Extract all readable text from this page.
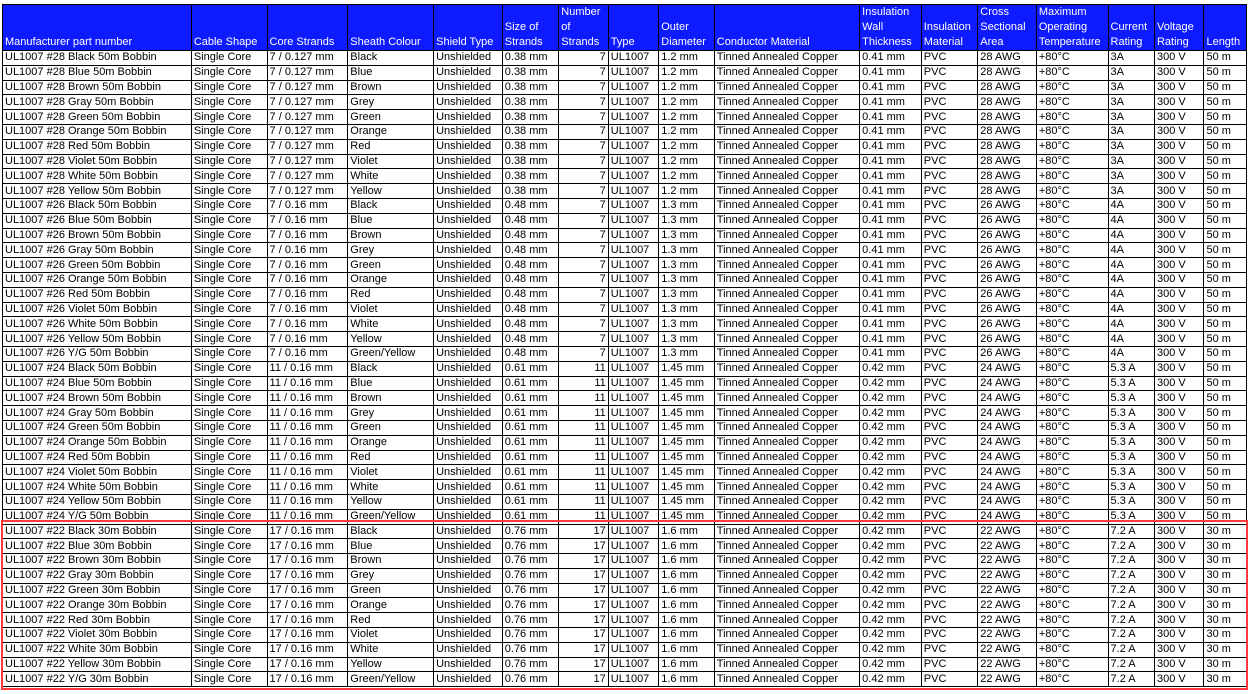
Manufacturer part number	Cable Shape	Core Strands	Sheath Colour	Shield Type	Size of Strands	Number of Strands	Type	Outer Diameter	Conductor Material	Insulation Wall Thickness	Insulation Material	Cross Sectional Area	Maximum Operating Temperature	Current Rating	Voltage Rating	Length
UL1007 #28 Black 50m Bobbin	Single Core	7 / 0.127 mm	Black	Unshielded	0.38 mm	7	UL1007	1.2 mm	Tinned Annealed Copper	0.41 mm	PVC	28 AWG	+80°C	3A	300 V	50 m
UL1007 #28 Blue 50m Bobbin	Single Core	7 / 0.127 mm	Blue	Unshielded	0.38 mm	7	UL1007	1.2 mm	Tinned Annealed Copper	0.41 mm	PVC	28 AWG	+80°C	3A	300 V	50 m
UL1007 #28 Brown 50m Bobbin	Single Core	7 / 0.127 mm	Brown	Unshielded	0.38 mm	7	UL1007	1.2 mm	Tinned Annealed Copper	0.41 mm	PVC	28 AWG	+80°C	3A	300 V	50 m
UL1007 #28 Gray 50m Bobbin	Single Core	7 / 0.127 mm	Grey	Unshielded	0.38 mm	7	UL1007	1.2 mm	Tinned Annealed Copper	0.41 mm	PVC	28 AWG	+80°C	3A	300 V	50 m
UL1007 #28 Green 50m Bobbin	Single Core	7 / 0.127 mm	Green	Unshielded	0.38 mm	7	UL1007	1.2 mm	Tinned Annealed Copper	0.41 mm	PVC	28 AWG	+80°C	3A	300 V	50 m
UL1007 #28 Orange 50m Bobbin	Single Core	7 / 0.127 mm	Orange	Unshielded	0.38 mm	7	UL1007	1.2 mm	Tinned Annealed Copper	0.41 mm	PVC	28 AWG	+80°C	3A	300 V	50 m
UL1007 #28 Red 50m Bobbin	Single Core	7 / 0.127 mm	Red	Unshielded	0.38 mm	7	UL1007	1.2 mm	Tinned Annealed Copper	0.41 mm	PVC	28 AWG	+80°C	3A	300 V	50 m
UL1007 #28 Violet 50m Bobbin	Single Core	7 / 0.127 mm	Violet	Unshielded	0.38 mm	7	UL1007	1.2 mm	Tinned Annealed Copper	0.41 mm	PVC	28 AWG	+80°C	3A	300 V	50 m
UL1007 #28 White 50m Bobbin	Single Core	7 / 0.127 mm	White	Unshielded	0.38 mm	7	UL1007	1.2 mm	Tinned Annealed Copper	0.41 mm	PVC	28 AWG	+80°C	3A	300 V	50 m
UL1007 #28 Yellow 50m Bobbin	Single Core	7 / 0.127 mm	Yellow	Unshielded	0.38 mm	7	UL1007	1.2 mm	Tinned Annealed Copper	0.41 mm	PVC	28 AWG	+80°C	3A	300 V	50 m
UL1007 #26 Black 50m Bobbin	Single Core	7 / 0.16 mm	Black	Unshielded	0.48 mm	7	UL1007	1.3 mm	Tinned Annealed Copper	0.41 mm	PVC	26 AWG	+80°C	4A	300 V	50 m
UL1007 #26 Blue 50m Bobbin	Single Core	7 / 0.16 mm	Blue	Unshielded	0.48 mm	7	UL1007	1.3 mm	Tinned Annealed Copper	0.41 mm	PVC	26 AWG	+80°C	4A	300 V	50 m
UL1007 #26 Brown 50m Bobbin	Single Core	7 / 0.16 mm	Brown	Unshielded	0.48 mm	7	UL1007	1.3 mm	Tinned Annealed Copper	0.41 mm	PVC	26 AWG	+80°C	4A	300 V	50 m
UL1007 #26 Gray 50m Bobbin	Single Core	7 / 0.16 mm	Grey	Unshielded	0.48 mm	7	UL1007	1.3 mm	Tinned Annealed Copper	0.41 mm	PVC	26 AWG	+80°C	4A	300 V	50 m
UL1007 #26 Green 50m Bobbin	Single Core	7 / 0.16 mm	Green	Unshielded	0.48 mm	7	UL1007	1.3 mm	Tinned Annealed Copper	0.41 mm	PVC	26 AWG	+80°C	4A	300 V	50 m
UL1007 #26 Orange 50m Bobbin	Single Core	7 / 0.16 mm	Orange	Unshielded	0.48 mm	7	UL1007	1.3 mm	Tinned Annealed Copper	0.41 mm	PVC	26 AWG	+80°C	4A	300 V	50 m
UL1007 #26 Red 50m Bobbin	Single Core	7 / 0.16 mm	Red	Unshielded	0.48 mm	7	UL1007	1.3 mm	Tinned Annealed Copper	0.41 mm	PVC	26 AWG	+80°C	4A	300 V	50 m
UL1007 #26 Violet 50m Bobbin	Single Core	7 / 0.16 mm	Violet	Unshielded	0.48 mm	7	UL1007	1.3 mm	Tinned Annealed Copper	0.41 mm	PVC	26 AWG	+80°C	4A	300 V	50 m
UL1007 #26 White 50m Bobbin	Single Core	7 / 0.16 mm	White	Unshielded	0.48 mm	7	UL1007	1.3 mm	Tinned Annealed Copper	0.41 mm	PVC	26 AWG	+80°C	4A	300 V	50 m
UL1007 #26 Yellow 50m Bobbin	Single Core	7 / 0.16 mm	Yellow	Unshielded	0.48 mm	7	UL1007	1.3 mm	Tinned Annealed Copper	0.41 mm	PVC	26 AWG	+80°C	4A	300 V	50 m
UL1007 #26 Y/G 50m Bobbin	Single Core	7 / 0.16 mm	Green/Yellow	Unshielded	0.48 mm	7	UL1007	1.3 mm	Tinned Annealed Copper	0.41 mm	PVC	26 AWG	+80°C	4A	300 V	50 m
UL1007 #24 Black 50m Bobbin	Single Core	11 / 0.16 mm	Black	Unshielded	0.61 mm	11	UL1007	1.45 mm	Tinned Annealed Copper	0.42 mm	PVC	24 AWG	+80°C	5.3 A	300 V	50 m
UL1007 #24 Blue 50m Bobbin	Single Core	11 / 0.16 mm	Blue	Unshielded	0.61 mm	11	UL1007	1.45 mm	Tinned Annealed Copper	0.42 mm	PVC	24 AWG	+80°C	5.3 A	300 V	50 m
UL1007 #24 Brown 50m Bobbin	Single Core	11 / 0.16 mm	Brown	Unshielded	0.61 mm	11	UL1007	1.45 mm	Tinned Annealed Copper	0.42 mm	PVC	24 AWG	+80°C	5.3 A	300 V	50 m
UL1007 #24 Gray 50m Bobbin	Single Core	11 / 0.16 mm	Grey	Unshielded	0.61 mm	11	UL1007	1.45 mm	Tinned Annealed Copper	0.42 mm	PVC	24 AWG	+80°C	5.3 A	300 V	50 m
UL1007 #24 Green 50m Bobbin	Single Core	11 / 0.16 mm	Green	Unshielded	0.61 mm	11	UL1007	1.45 mm	Tinned Annealed Copper	0.42 mm	PVC	24 AWG	+80°C	5.3 A	300 V	50 m
UL1007 #24 Orange 50m Bobbin	Single Core	11 / 0.16 mm	Orange	Unshielded	0.61 mm	11	UL1007	1.45 mm	Tinned Annealed Copper	0.42 mm	PVC	24 AWG	+80°C	5.3 A	300 V	50 m
UL1007 #24 Red 50m Bobbin	Single Core	11 / 0.16 mm	Red	Unshielded	0.61 mm	11	UL1007	1.45 mm	Tinned Annealed Copper	0.42 mm	PVC	24 AWG	+80°C	5.3 A	300 V	50 m
UL1007 #24 Violet 50m Bobbin	Single Core	11 / 0.16 mm	Violet	Unshielded	0.61 mm	11	UL1007	1.45 mm	Tinned Annealed Copper	0.42 mm	PVC	24 AWG	+80°C	5.3 A	300 V	50 m
UL1007 #24 White 50m Bobbin	Single Core	11 / 0.16 mm	White	Unshielded	0.61 mm	11	UL1007	1.45 mm	Tinned Annealed Copper	0.42 mm	PVC	24 AWG	+80°C	5.3 A	300 V	50 m
UL1007 #24 Yellow 50m Bobbin	Single Core	11 / 0.16 mm	Yellow	Unshielded	0.61 mm	11	UL1007	1.45 mm	Tinned Annealed Copper	0.42 mm	PVC	24 AWG	+80°C	5.3 A	300 V	50 m
UL1007 #24 Y/G 50m Bobbin	Single Core	11 / 0.16 mm	Green/Yellow	Unshielded	0.61 mm	11	UL1007	1.45 mm	Tinned Annealed Copper	0.42 mm	PVC	24 AWG	+80°C	5.3 A	300 V	50 m
UL1007 #22 Black 30m Bobbin	Single Core	17 / 0.16 mm	Black	Unshielded	0.76 mm	17	UL1007	1.6 mm	Tinned Annealed Copper	0.42 mm	PVC	22 AWG	+80°C	7.2 A	300 V	30 m
UL1007 #22 Blue 30m Bobbin	Single Core	17 / 0.16 mm	Blue	Unshielded	0.76 mm	17	UL1007	1.6 mm	Tinned Annealed Copper	0.42 mm	PVC	22 AWG	+80°C	7.2 A	300 V	30 m
UL1007 #22 Brown 30m Bobbin	Single Core	17 / 0.16 mm	Brown	Unshielded	0.76 mm	17	UL1007	1.6 mm	Tinned Annealed Copper	0.42 mm	PVC	22 AWG	+80°C	7.2 A	300 V	30 m
UL1007 #22 Gray 30m Bobbin	Single Core	17 / 0.16 mm	Grey	Unshielded	0.76 mm	17	UL1007	1.6 mm	Tinned Annealed Copper	0.42 mm	PVC	22 AWG	+80°C	7.2 A	300 V	30 m
UL1007 #22 Green 30m Bobbin	Single Core	17 / 0.16 mm	Green	Unshielded	0.76 mm	17	UL1007	1.6 mm	Tinned Annealed Copper	0.42 mm	PVC	22 AWG	+80°C	7.2 A	300 V	30 m
UL1007 #22 Orange 30m Bobbin	Single Core	17 / 0.16 mm	Orange	Unshielded	0.76 mm	17	UL1007	1.6 mm	Tinned Annealed Copper	0.42 mm	PVC	22 AWG	+80°C	7.2 A	300 V	30 m
UL1007 #22 Red 30m Bobbin	Single Core	17 / 0.16 mm	Red	Unshielded	0.76 mm	17	UL1007	1.6 mm	Tinned Annealed Copper	0.42 mm	PVC	22 AWG	+80°C	7.2 A	300 V	30 m
UL1007 #22 Violet 30m Bobbin	Single Core	17 / 0.16 mm	Violet	Unshielded	0.76 mm	17	UL1007	1.6 mm	Tinned Annealed Copper	0.42 mm	PVC	22 AWG	+80°C	7.2 A	300 V	30 m
UL1007 #22 White 30m Bobbin	Single Core	17 / 0.16 mm	White	Unshielded	0.76 mm	17	UL1007	1.6 mm	Tinned Annealed Copper	0.42 mm	PVC	22 AWG	+80°C	7.2 A	300 V	30 m
UL1007 #22 Yellow 30m Bobbin	Single Core	17 / 0.16 mm	Yellow	Unshielded	0.76 mm	17	UL1007	1.6 mm	Tinned Annealed Copper	0.42 mm	PVC	22 AWG	+80°C	7.2 A	300 V	30 m
UL1007 #22 Y/G 30m Bobbin	Single Core	17 / 0.16 mm	Green/Yellow	Unshielded	0.76 mm	17	UL1007	1.6 mm	Tinned Annealed Copper	0.42 mm	PVC	22 AWG	+80°C	7.2 A	300 V	30 m
